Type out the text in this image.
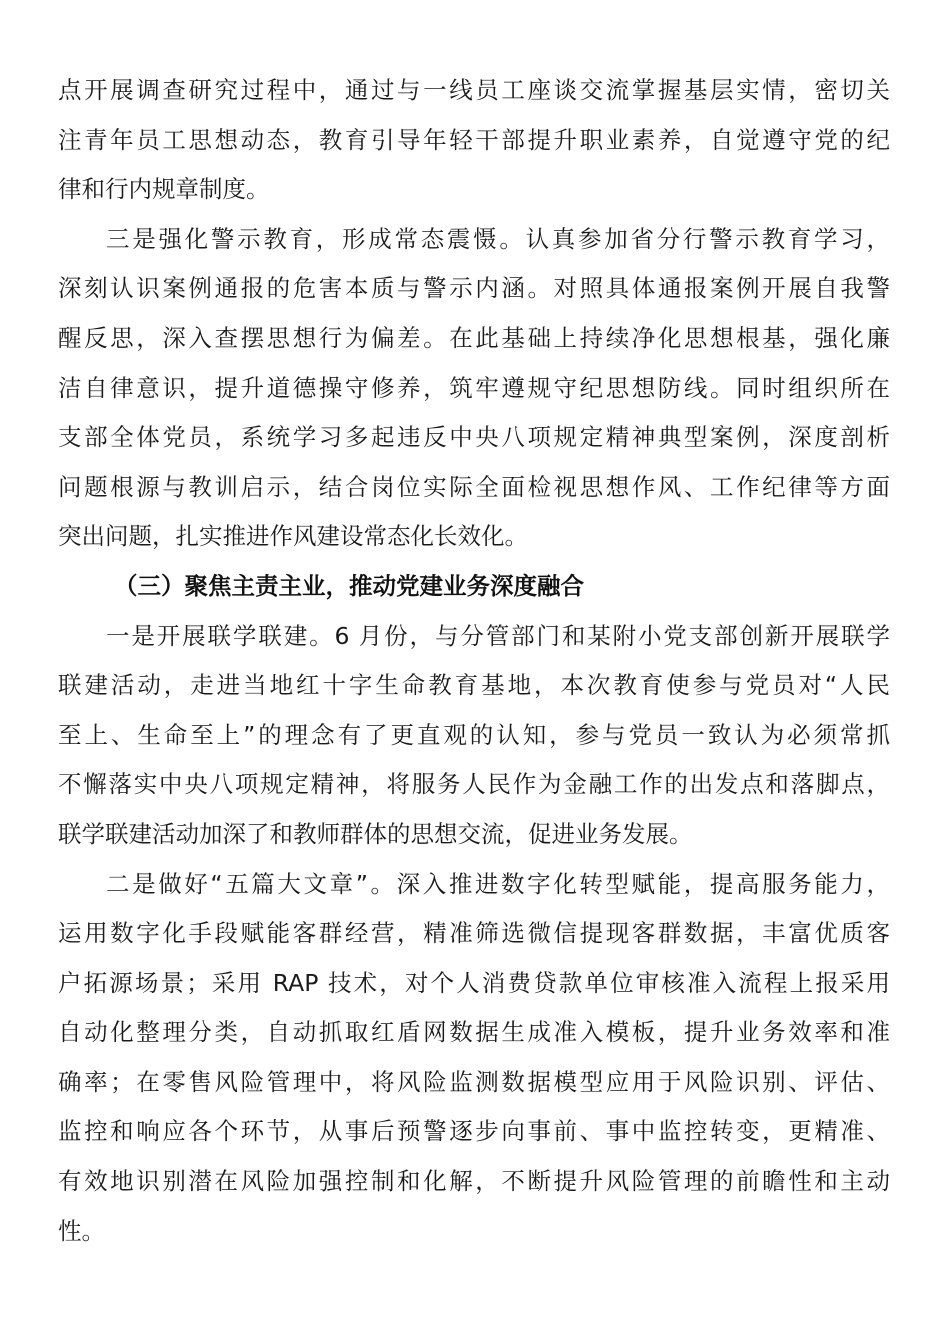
点开展调查研究过程中，通过与一线员工座谈交流掌握基层实情，密切关
注青年员工思想动态，教育引导年轻干部提升职业素养，自觉遵守党的纪
律和行内规章制度。
三是强化警示教育，形成常态震慑。认真参加省分行警示教育学习，
深刻认识案例通报的危害本质与警示内涵。对照具体通报案例开展自我警
醒反思，深入查摆思想行为偏差。在此基础上持续净化思想根基，强化廉
洁自律意识，提升道德操守修养，筑牢遵规守纪思想防线。同时组织所在
支部全体党员，系统学习多起违反中央八项规定精神典型案例，深度剖析
问题根源与教训启示，结合岗位实际全面检视思想作风、工作纪律等方面
突出问题，扎实推进作风建设常态化长效化。
（三）聚焦主责主业，推动党建业务深度融合
一是开展联学联建。6 月份，与分管部门和某附小党支部创新开展联学
联建活动，走进当地红十字生命教育基地，本次教育使参与党员对“人民
至上、生命至上”的理念有了更直观的认知，参与党员一致认为必须常抓
不懈落实中央八项规定精神，将服务人民作为金融工作的出发点和落脚点，
联学联建活动加深了和教师群体的思想交流，促进业务发展。
二是做好“五篇大文章”。深入推进数字化转型赋能，提高服务能力，
运用数字化手段赋能客群经营，精准筛选微信提现客群数据，丰富优质客
户拓源场景；采用 RAP 技术，对个人消费贷款单位审核准入流程上报采用
自动化整理分类，自动抓取红盾网数据生成准入模板，提升业务效率和准
确率；在零售风险管理中，将风险监测数据模型应用于风险识别、评估、
监控和响应各个环节，从事后预警逐步向事前、事中监控转变，更精准、
有效地识别潜在风险加强控制和化解，不断提升风险管理的前瞻性和主动
性。
